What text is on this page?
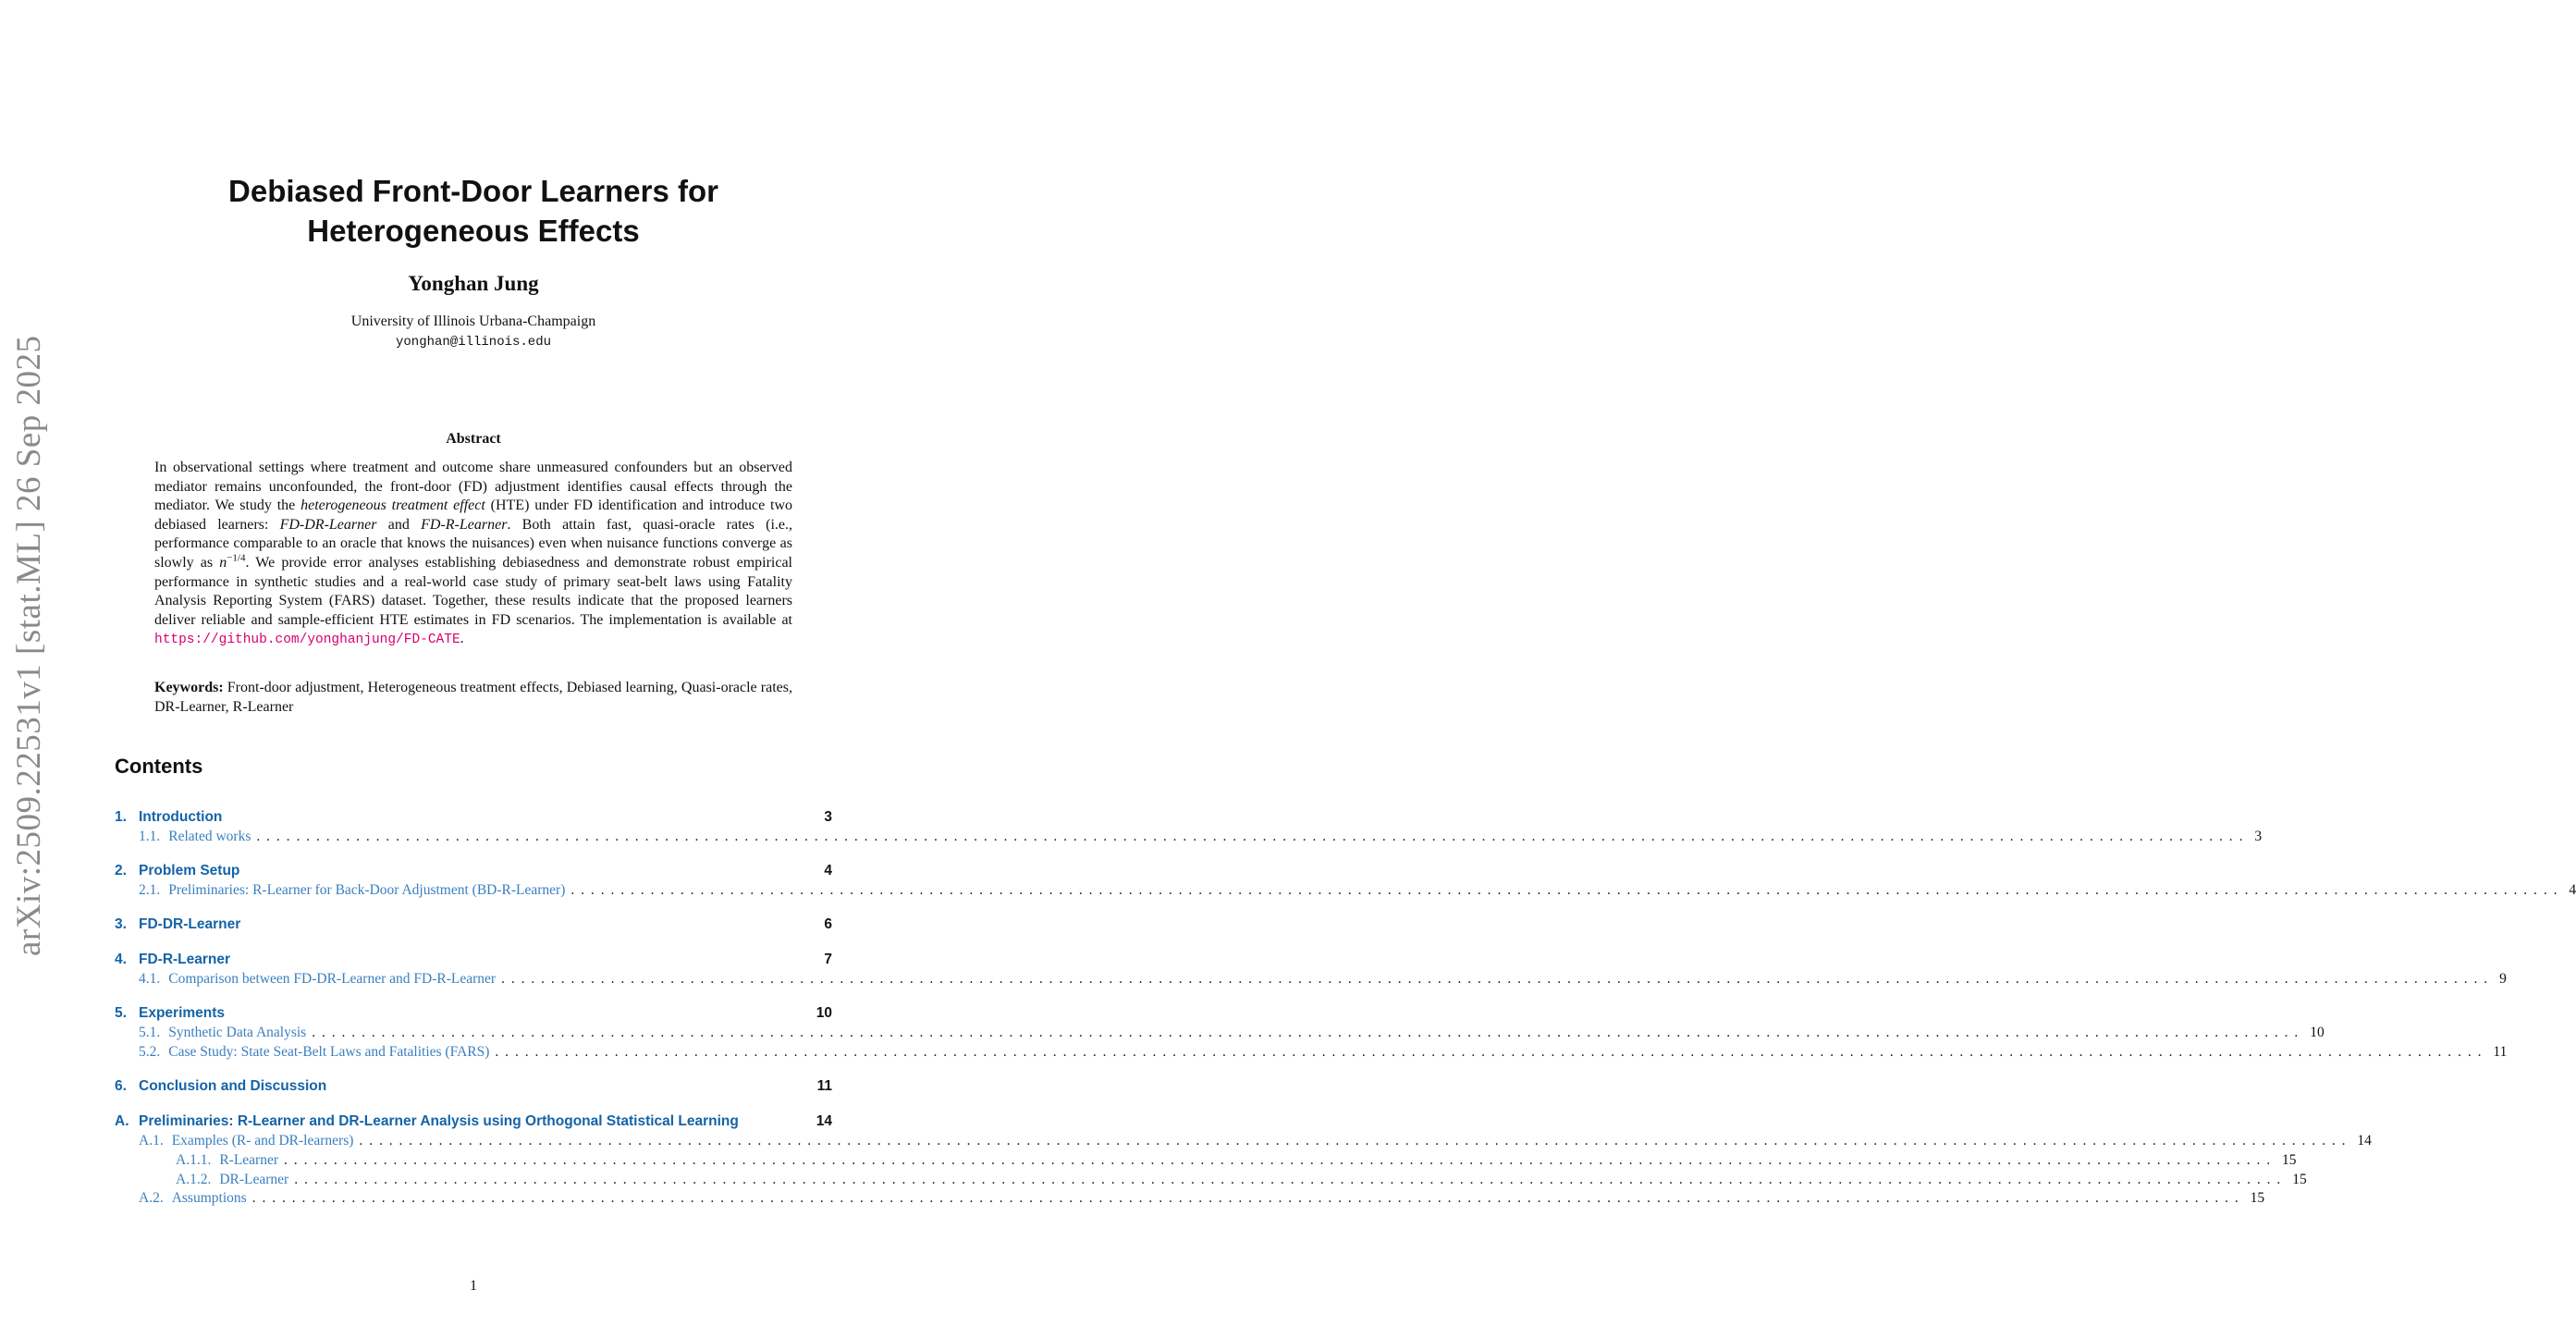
arXiv:2509.22531v1 [stat.ML] 26 Sep 2025
Debiased Front-Door Learners for
Heterogeneous Effects
Yonghan Jung
University of Illinois Urbana-Champaign
yonghan@illinois.edu
Abstract
In observational settings where treatment and outcome share unmeasured confounders but an observed mediator remains unconfounded, the front-door (FD) adjustment identifies causal effects through the mediator. We study the heterogeneous treatment effect (HTE) under FD identification and introduce two debiased learners: FD-DR-Learner and FD-R-Learner. Both attain fast, quasi-oracle rates (i.e., performance comparable to an oracle that knows the nuisances) even when nuisance functions converge as slowly as $n^{-1/4}$. We provide error analyses establishing debiasedness and demonstrate robust empirical performance in synthetic studies and a real-world case study of primary seat-belt laws using Fatality Analysis Reporting System (FARS) dataset. Together, these results indicate that the proposed learners deliver reliable and sample-efficient HTE estimates in FD scenarios. The implementation is available at https://github.com/yonghanjung/FD-CATE.
Keywords: Front-door adjustment, Heterogeneous treatment effects, Debiased learning, Quasi-oracle rates, DR-Learner, R-Learner
Contents
1. Introduction	3
1.1. Related works ........................................................................................................................................................................................................ 3
2. Problem Setup	4
2.1. Preliminaries: R-Learner for Back-Door Adjustment (BD-R-Learner) ........................................................................................................................................................................................................ 4
3. FD-DR-Learner	6
4. FD-R-Learner	7
4.1. Comparison between FD-DR-Learner and FD-R-Learner ........................................................................................................................................................................................................ 9
5. Experiments	10
5.1. Synthetic Data Analysis ........................................................................................................................................................................................................ 10
5.2. Case Study: State Seat-Belt Laws and Fatalities (FARS) ........................................................................................................................................................................................................ 11
6. Conclusion and Discussion	11
A. Preliminaries: R-Learner and DR-Learner Analysis using Orthogonal Statistical Learning	14
A.1. Examples (R- and DR-learners) ........................................................................................................................................................................................................ 14
A.1.1. R-Learner ........................................................................................................................................................................................................ 15
A.1.2. DR-Learner ........................................................................................................................................................................................................ 15
A.2. Assumptions ........................................................................................................................................................................................................ 15
1
